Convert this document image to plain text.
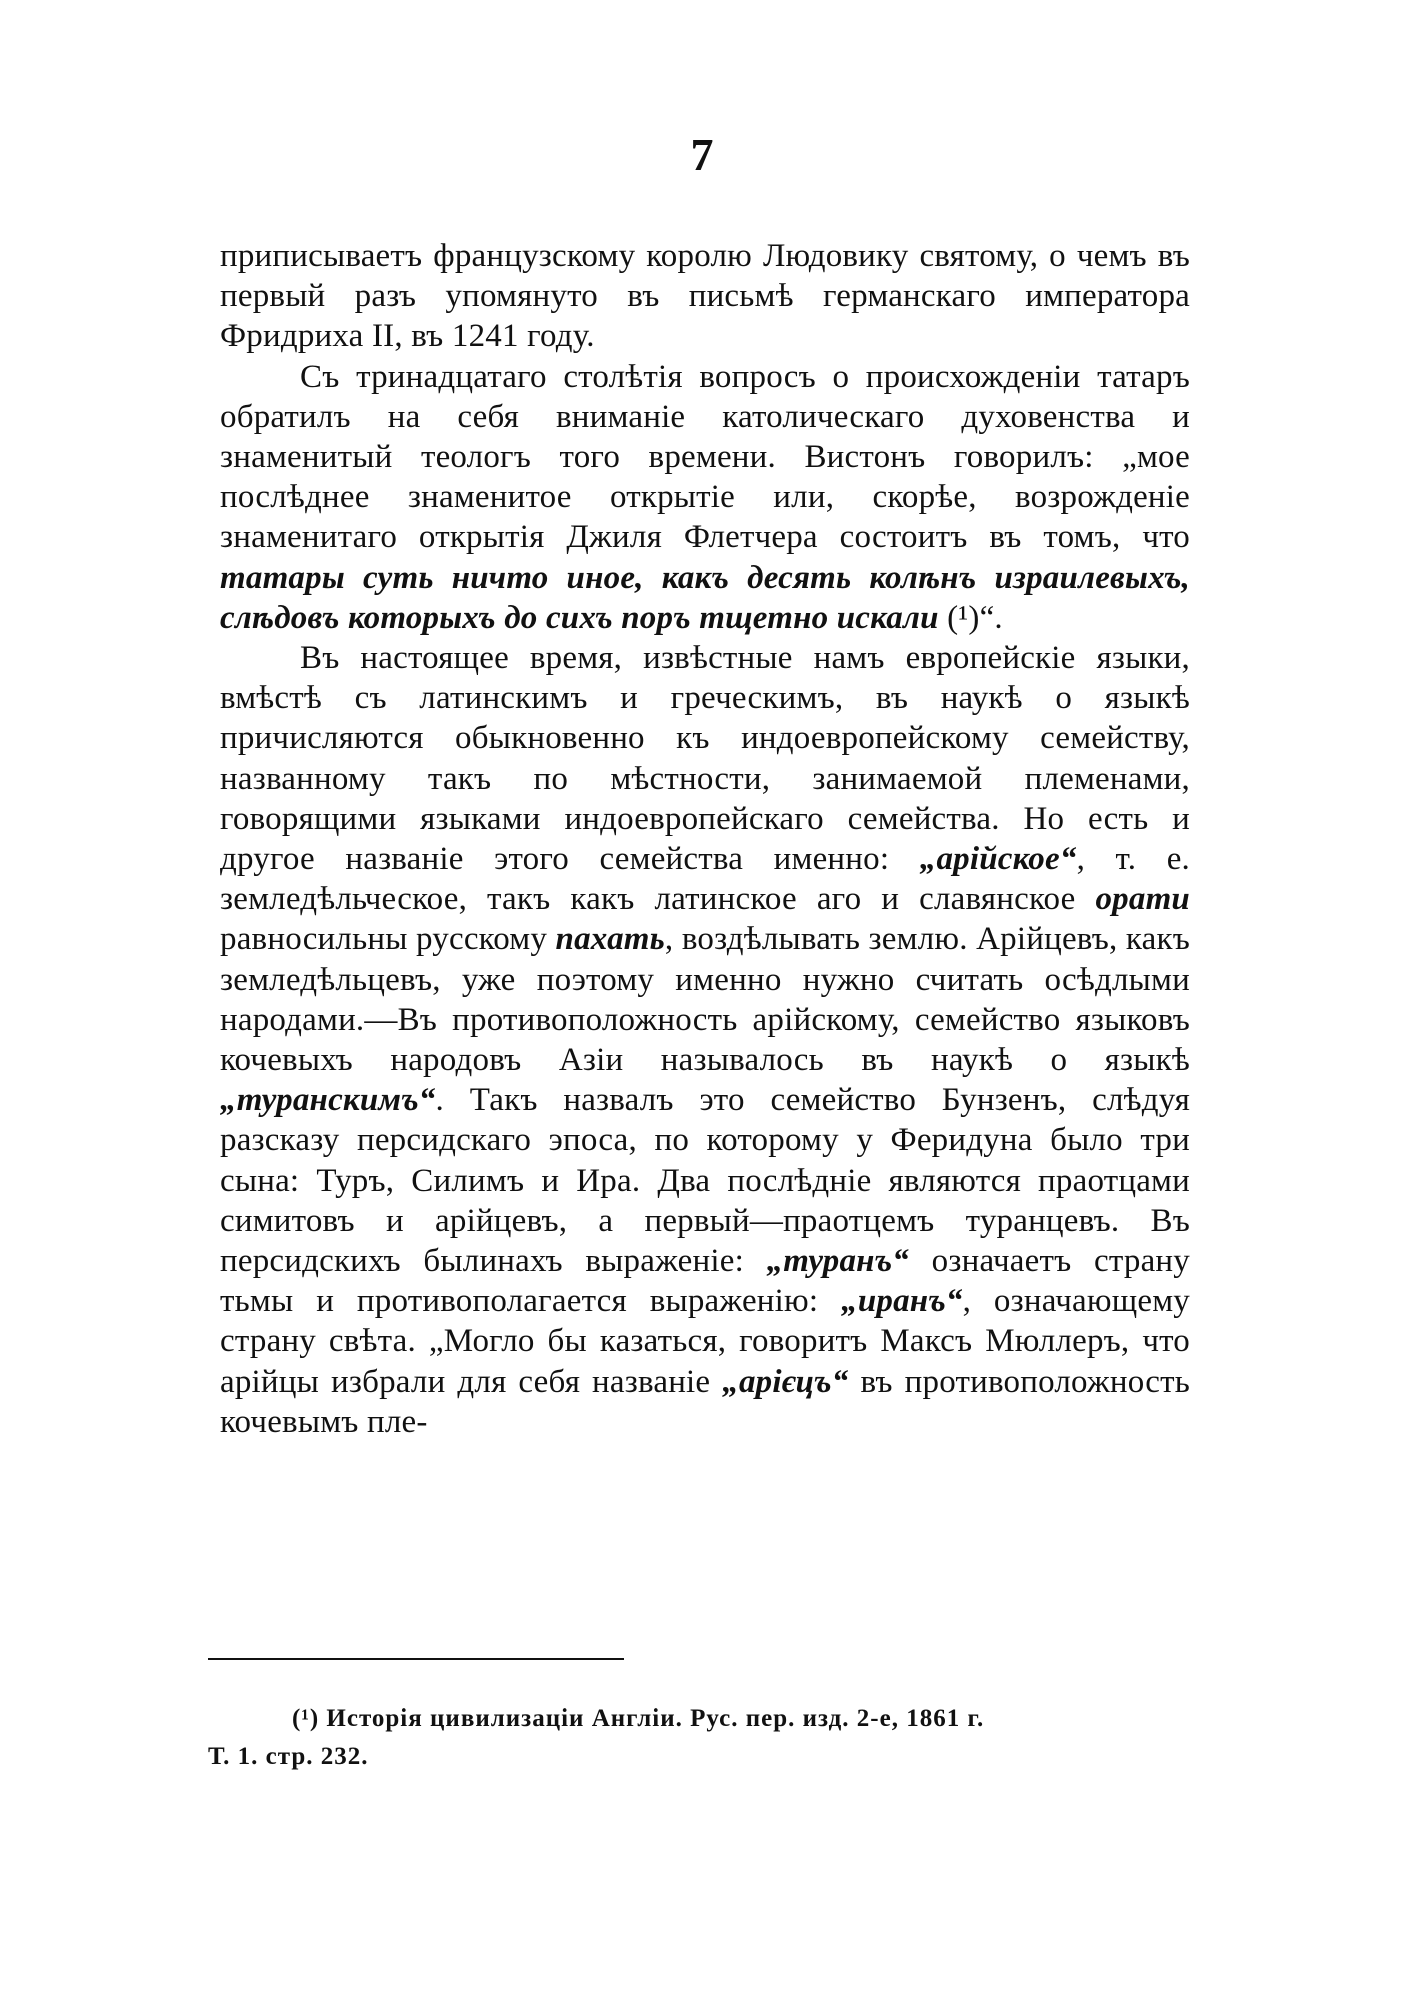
7

приписываетъ французскому королю Людовику святому, о чемъ въ первый разъ упомянуто въ письмѣ германскаго императора Фридриха II, въ 1241 году.

Съ тринадцатаго столѣтія вопросъ о происхожденіи татаръ обратилъ на себя вниманіе католическаго духовенства и знаменитый теологъ того времени. Вистонъ говорилъ: „мое послѣднее знаменитое открытіе или, скорѣе, возрожденіе знаменитаго открытія Джиля Флетчера состоитъ въ томъ, что татары суть ничто иное, какъ десять колѣнъ израилевыхъ, слѣдовъ которыхъ до сихъ поръ тщетно искали (¹)“.

Въ настоящее время, извѣстные намъ европейскіе языки, вмѣстѣ съ латинскимъ и греческимъ, въ наукѣ о языкѣ причисляются обыкновенно къ индоевропейскому семейству, названному такъ по мѣстности, занимаемой племенами, говорящими языками индоевропейскаго семейства. Но есть и другое названіе этого семейства именно: „арійское“, т. е. земледѣльческое, такъ какъ латинское аго и славянское орати равносильны русскому пахать, воздѣлывать землю. Арійцевъ, какъ земледѣльцевъ, уже поэтому именно нужно считать осѣдлыми народами.—Въ противоположность арійскому, семейство языковъ кочевыхъ народовъ Азіи называлось въ наукѣ о языкѣ „туранскимъ“. Такъ назвалъ это семейство Бунзенъ, слѣдуя разсказу персидскаго эпоса, по которому у Феридуна было три сына: Туръ, Силимъ и Ира. Два послѣдніе являются праотцами симитовъ и арійцевъ, а первый—праотцемъ туранцевъ. Въ персидскихъ былинахъ выраженіе: „туранъ“ означаетъ страну тьмы и противополагается выраженію: „иранъ“, означающему страну свѣта. „Могло бы казаться, говоритъ Максъ Мюллеръ, что арійцы избрали для себя названіе „арієцъ“ въ противоположность кочевымъ пле-

(¹) Исторія цивилизаціи Англіи. Рус. пер. изд. 2-е, 1861 г.

Т. 1. стр. 232.
